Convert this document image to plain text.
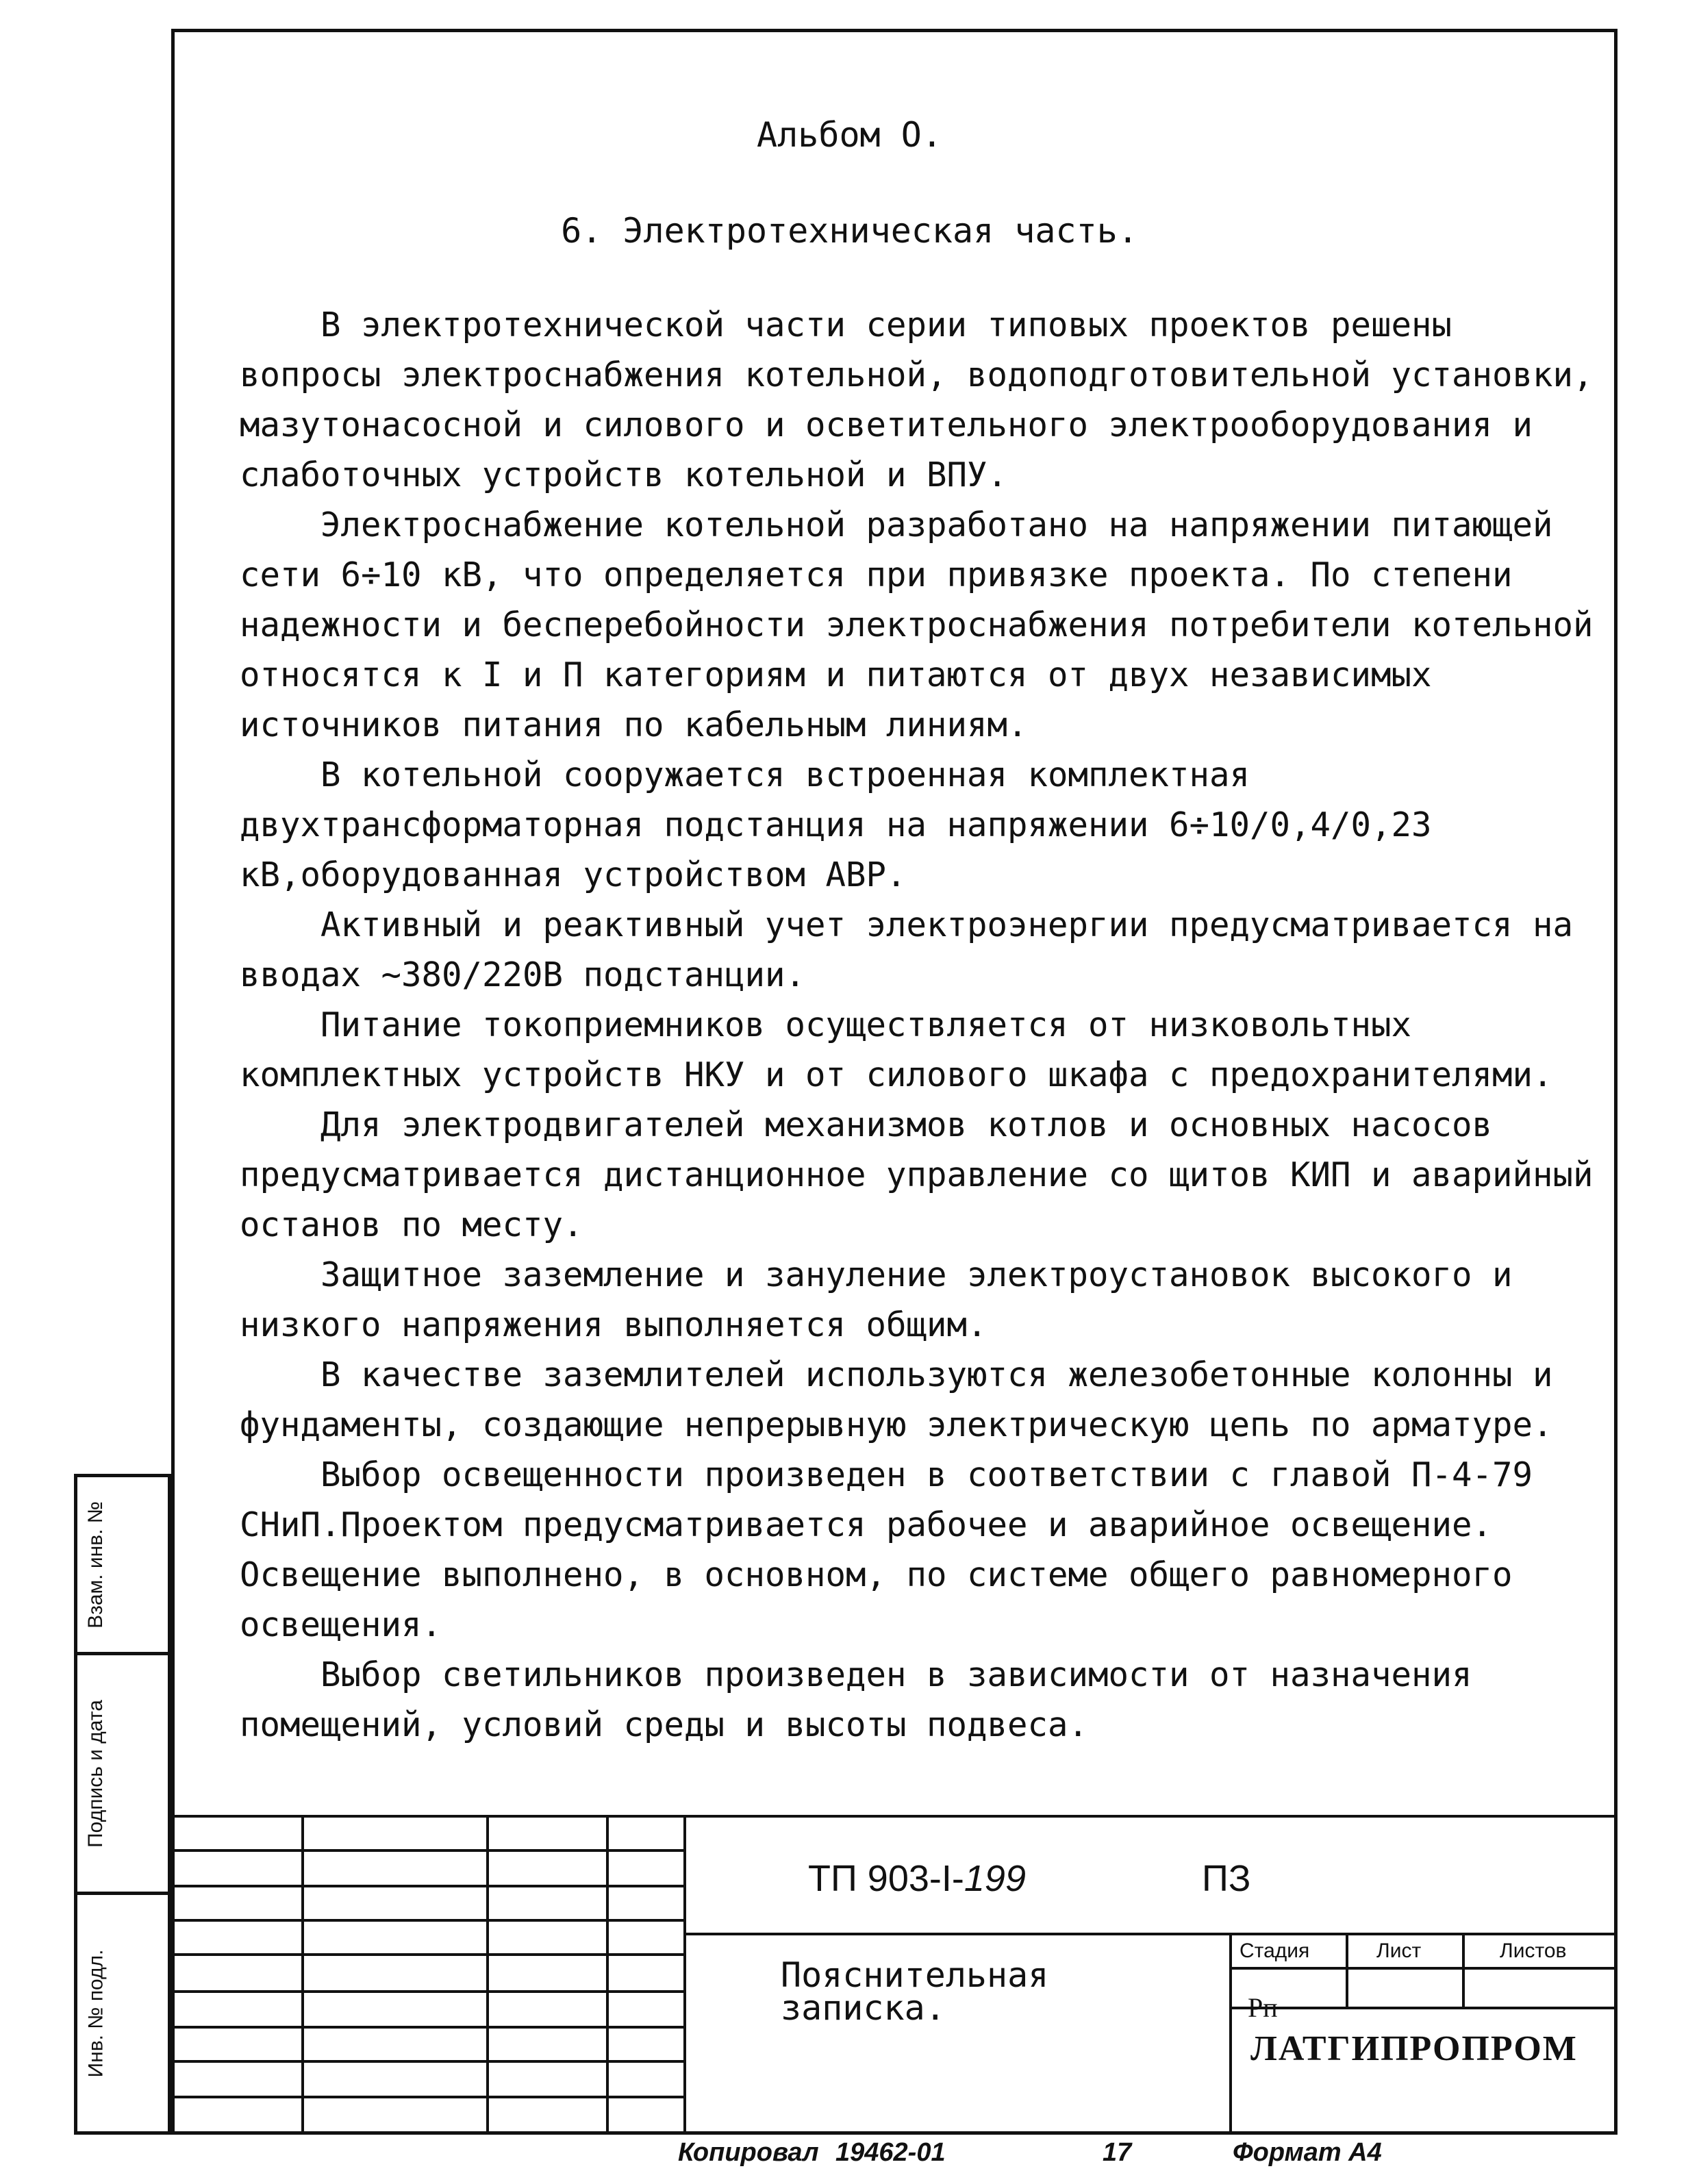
Альбом О.
6. Электротехническая часть.

В электротехнической части серии типовых проектов решены вопросы электроснабжения котельной, водоподготовительной установки, мазутонасосной и силового и осветительного электрооборудования и слаботочных устройств котельной и ВПУ.

Электроснабжение котельной разработано на напряжении питающей сети 6÷10 кВ, что определяется при привязке проекта. По степени надежности и бесперебойности электроснабжения потребители котельной относятся к I и П категориям и питаются от двух независимых источников питания по кабельным линиям.

В котельной сооружается встроенная комплектная двухтрансформаторная подстанция на напряжении 6÷10/0,4/0,23 кВ,оборудованная устройством АВР.

Активный и реактивный учет электроэнергии предусматривается на вводах ~380/220В подстанции.

Питание токоприемников осуществляется от низковольтных комплектных устройств НКУ и от силового шкафа с предохранителями.

Для электродвигателей механизмов котлов и основных насосов предусматривается дистанционное управление со щитов КИП и аварийный останов по месту.

Защитное заземление и зануление электроустановок высокого и низкого напряжения выполняется общим.

В качестве заземлителей используются железобетонные колонны и фундаменты, создающие непрерывную электрическую цепь по арматуре.

Выбор освещенности произведен в соответствии с главой П-4-79 СНиП.Проектом предусматривается рабочее и аварийное освещение. Освещение выполнено, в основном, по системе общего равномерного освещения.

Выбор светильников произведен в зависимости от назначения помещений, условий среды и высоты подвеса.

Взам. инв. №
Подпись и дата
Инв. № подл.
ТП 903-I-199	ПЗ
Пояснительная
записка.
Стадия	Лист	Листов
Рп
ЛАТГИПРОПРОМ
Копировал 19462-01	17	Формат А4
